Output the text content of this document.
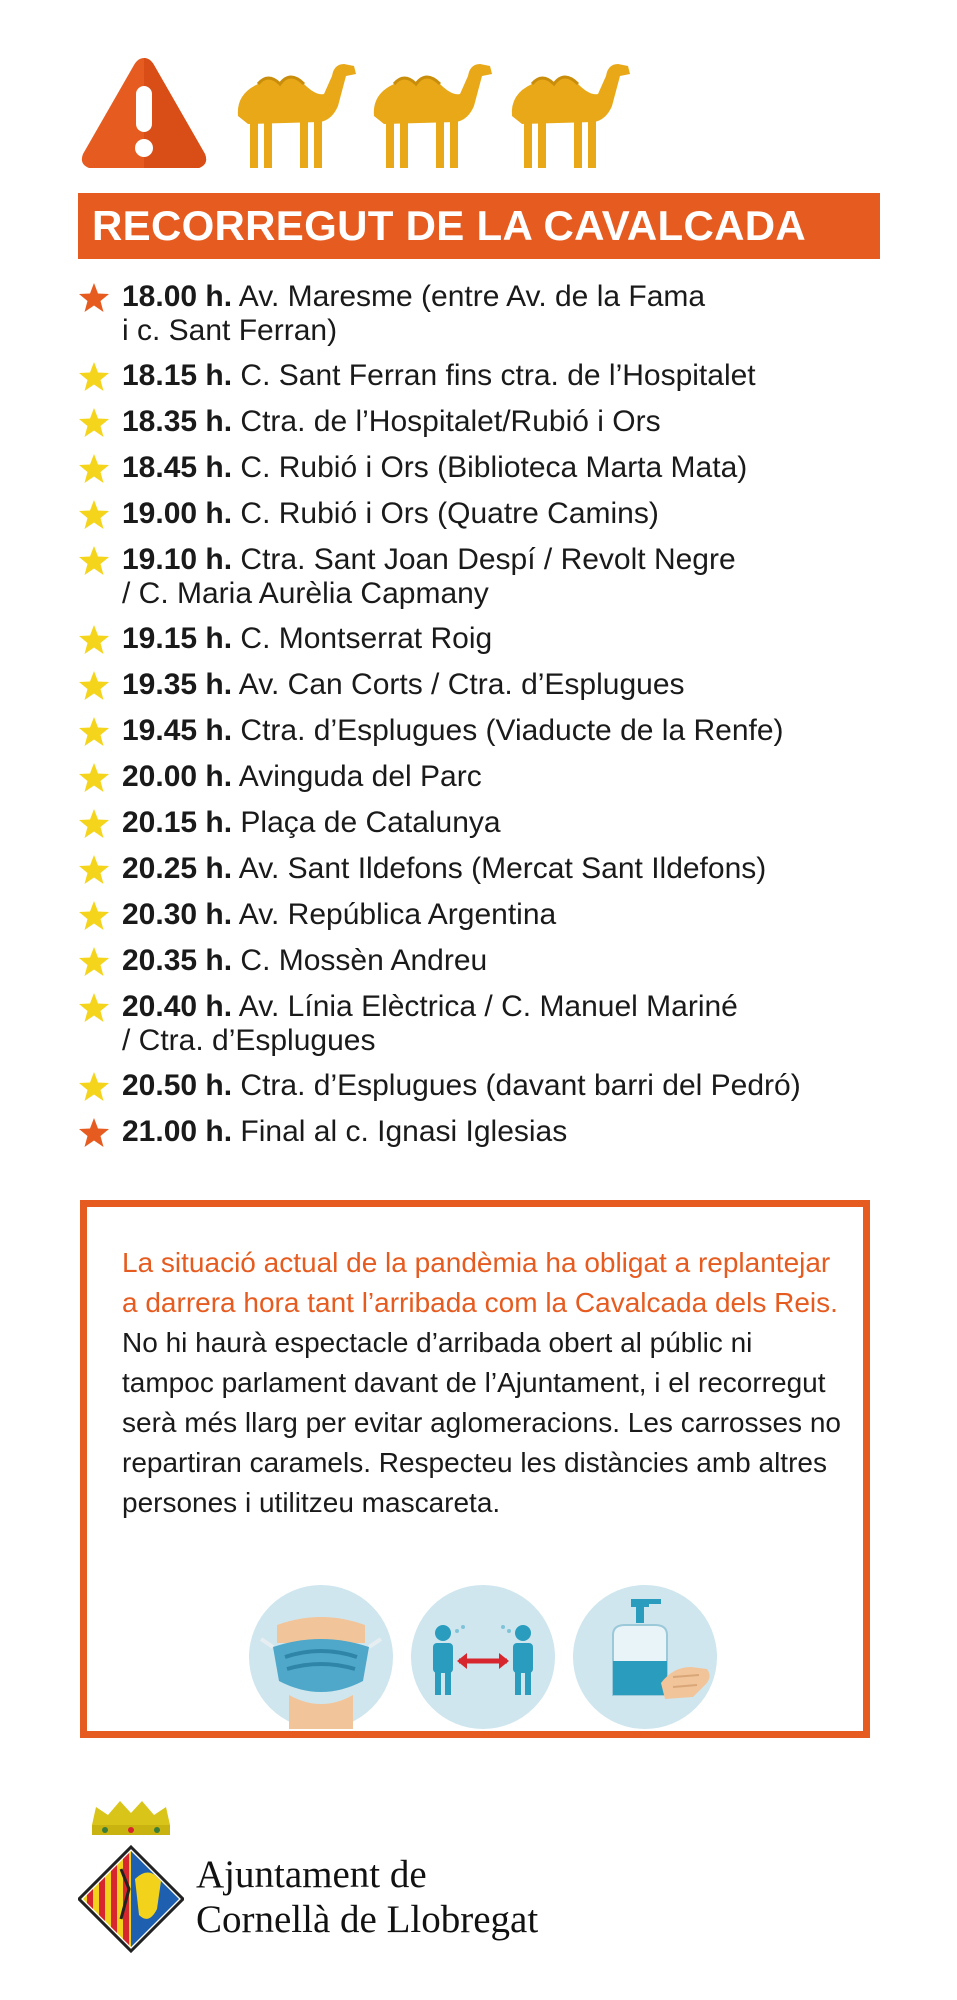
RECORREGUT DE LA CAVALCADA
18.00 h. Av. Maresme (entre Av. de la Fama
i c. Sant Ferran)
18.15 h. C. Sant Ferran fins ctra. de l’Hospitalet
18.35 h. Ctra. de l’Hospitalet/Rubió i Ors
18.45 h. C. Rubió i Ors (Biblioteca Marta Mata)
19.00 h. C. Rubió i Ors (Quatre Camins)
19.10 h. Ctra. Sant Joan Despí / Revolt Negre
/ C. Maria Aurèlia Capmany
19.15 h. C. Montserrat Roig
19.35 h. Av. Can Corts / Ctra. d’Esplugues
19.45 h. Ctra. d’Esplugues (Viaducte de la Renfe)
20.00 h. Avinguda del Parc
20.15 h. Plaça de Catalunya
20.25 h. Av. Sant Ildefons (Mercat Sant Ildefons)
20.30 h. Av. República Argentina
20.35 h. C. Mossèn Andreu
20.40 h. Av. Línia Elèctrica / C. Manuel Mariné
/ Ctra. d’Esplugues
20.50 h. Ctra. d’Esplugues (davant barri del Pedró)
21.00 h. Final al c. Ignasi Iglesias
La situació actual de la pandèmia ha obligat a replantejar a darrera hora tant l’arribada com la Cavalcada dels Reis. No hi haurà espectacle d’arribada obert al públic ni tampoc parlament davant de l’Ajuntament, i el recorregut serà més llarg per evitar aglomeracions. Les carrosses no repartiran caramels. Respecteu les distàncies amb altres persones i utilitzeu mascareta.
Ajuntament de
Cornellà de Llobregat
